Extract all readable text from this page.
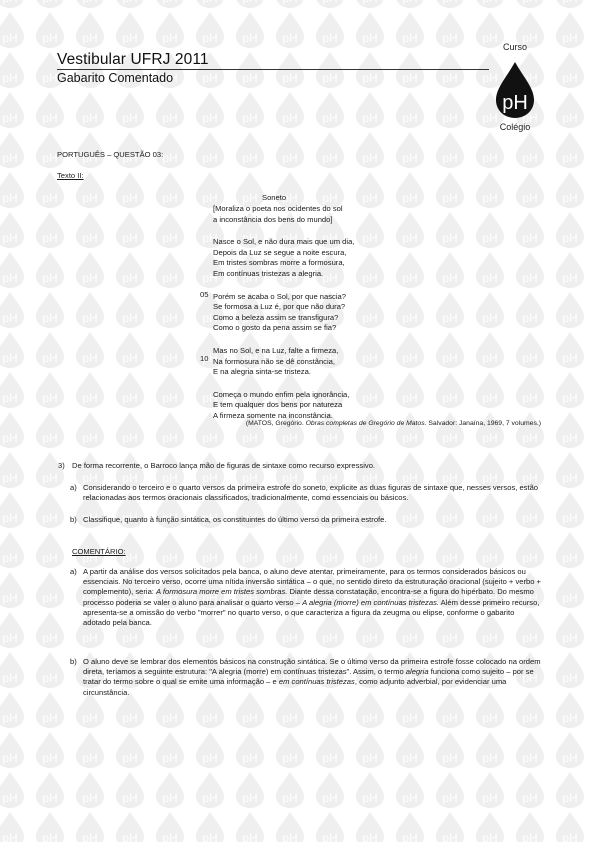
Vestibular UFRJ 2011
Gabarito Comentado
Curso
pH
Colégio
PORTUGUÊS – QUESTÃO 03:
Texto II:
Soneto
[Moraliza o poeta nos ocidentes do sol
a inconstância dos bens do mundo]
Nasce o Sol, e não dura mais que um dia,
Depois da Luz se segue a noite escura,
Em tristes sombras morre a formosura,
Em contínuas tristezas a alegria.
Porém se acaba o Sol, por que nascia?
Se formosa a Luz é, por que não dura?
Como a beleza assim se transfigura?
Como o gosto da pena assim se fia?
Mas no Sol, e na Luz, falte a firmeza,
Na formosura não se dê constância,
E na alegria sinta-se tristeza.
Começa o mundo enfim pela ignorância,
E tem qualquer dos bens por natureza
A firmeza somente na inconstância.
05
10
(MATOS, Gregório. Obras completas de Gregório de Matos. Salvador: Janaína, 1969, 7 volumes.)
3) De forma recorrente, o Barroco lança mão de figuras de sintaxe como recurso expressivo.
a) Considerando o terceiro e o quarto versos da primeira estrofe do soneto, explicite as duas figuras de sintaxe que, nesses versos, estão relacionadas aos termos oracionais classificados, tradicionalmente, como essenciais ou básicos.
b) Classifique, quanto à função sintática, os constituintes do último verso da primeira estrofe.
COMENTÁRIO:
a) A partir da análise dos versos solicitados pela banca, o aluno deve atentar, primeiramente, para os termos considerados básicos ou essenciais. No terceiro verso, ocorre uma nítida inversão sintática – o que, no sentido direto da estruturação oracional (sujeito + verbo + complemento), seria: A formosura morre em tristes sombras. Diante dessa constatação, encontra-se a figura do hipérbato. Do mesmo processo poderia se valer o aluno para analisar o quarto verso – A alegria (morre) em contínuas tristezas. Além desse primeiro recurso, apresenta-se a omissão do verbo "morrer" no quarto verso, o que caracteriza a figura da zeugma ou elipse, conforme o gabarito adotado pela banca.
b) O aluno deve se lembrar dos elementos básicos na construção sintática. Se o último verso da primeira estrofe fosse colocado na ordem direta, teríamos a seguinte estrutura: "A alegria (morre) em contínuas tristezas". Assim, o termo alegria funciona como sujeito – por se tratar do termo sobre o qual se emite uma informação – e em contínuas tristezas, como adjunto adverbial, por evidenciar uma circunstância.
